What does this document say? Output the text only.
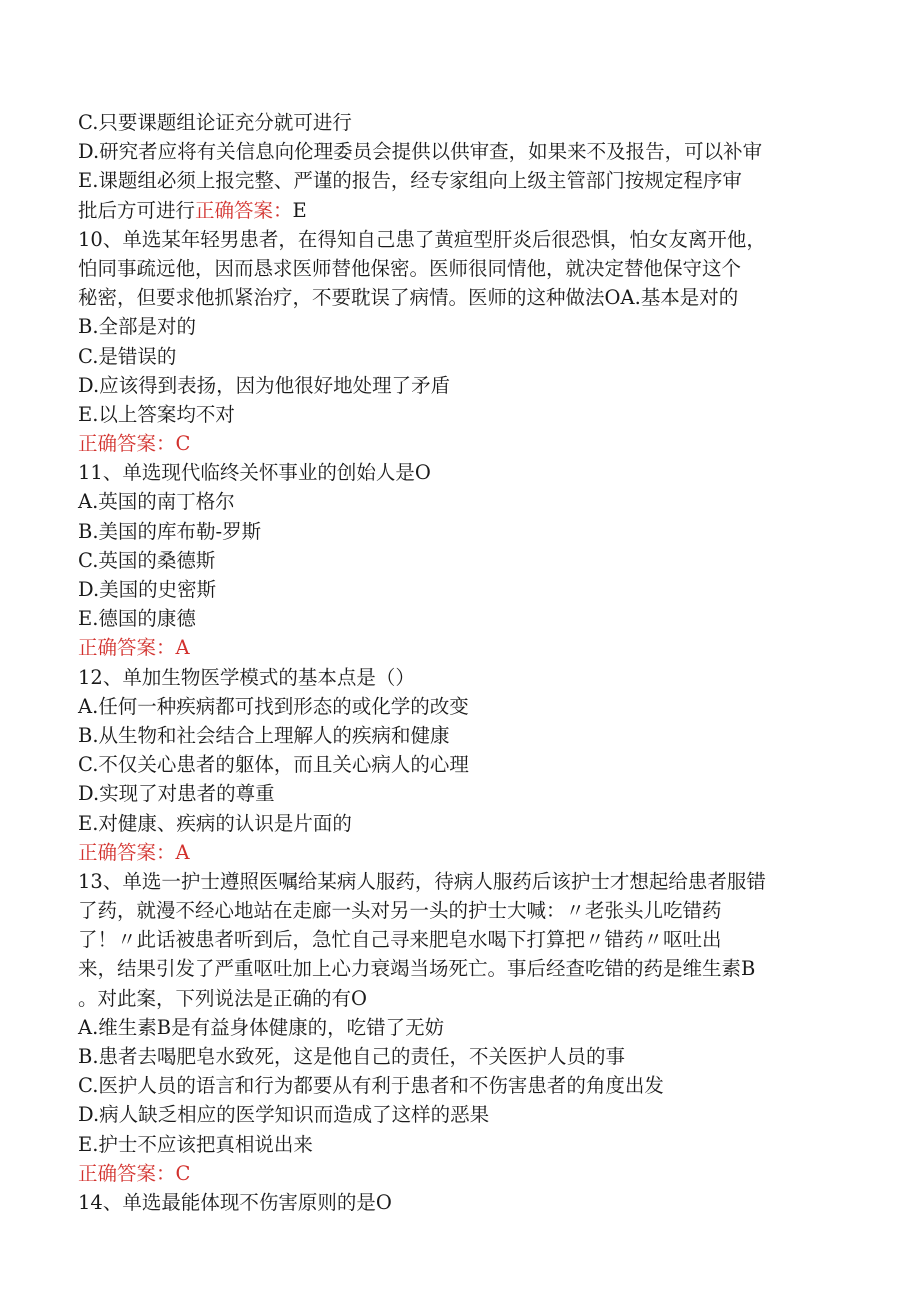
C.只要课题组论证充分就可进行
D.研究者应将有关信息向伦理委员会提供以供审查，如果来不及报告，可以补审
E.课题组必须上报完整、严谨的报告，经专家组向上级主管部门按规定程序审
批后方可进行正确答案：E
10、单选某年轻男患者，在得知自己患了黄疸型肝炎后很恐惧，怕女友离开他，
怕同事疏远他，因而恳求医师替他保密。医师很同情他，就决定替他保守这个
秘密，但要求他抓紧治疗，不要耽误了病情。医师的这种做法OA.基本是对的
B.全部是对的
C.是错误的
D.应该得到表扬，因为他很好地处理了矛盾
E.以上答案均不对
正确答案：C
11、单选现代临终关怀事业的创始人是O
A.英国的南丁格尔
B.美国的库布勒-罗斯
C.英国的桑德斯
D.美国的史密斯
E.德国的康德
正确答案：A
12、单加生物医学模式的基本点是（）
A.任何一种疾病都可找到形态的或化学的改变
B.从生物和社会结合上理解人的疾病和健康
C.不仅关心患者的躯体，而且关心病人的心理
D.实现了对患者的尊重
E.对健康、疾病的认识是片面的
正确答案：A
13、单选一护士遵照医嘱给某病人服药，待病人服药后该护士才想起给患者服错
了药，就漫不经心地站在走廊一头对另一头的护士大喊：〃老张头儿吃错药
了！〃此话被患者听到后，急忙自己寻来肥皂水喝下打算把〃错药〃呕吐出
来，结果引发了严重呕吐加上心力衰竭当场死亡。事后经查吃错的药是维生素B
。对此案，下列说法是正确的有O
A.维生素B是有益身体健康的，吃错了无妨
B.患者去喝肥皂水致死，这是他自己的责任，不关医护人员的事
C.医护人员的语言和行为都要从有利于患者和不伤害患者的角度出发
D.病人缺乏相应的医学知识而造成了这样的恶果
E.护士不应该把真相说出来
正确答案：C
14、单选最能体现不伤害原则的是O
